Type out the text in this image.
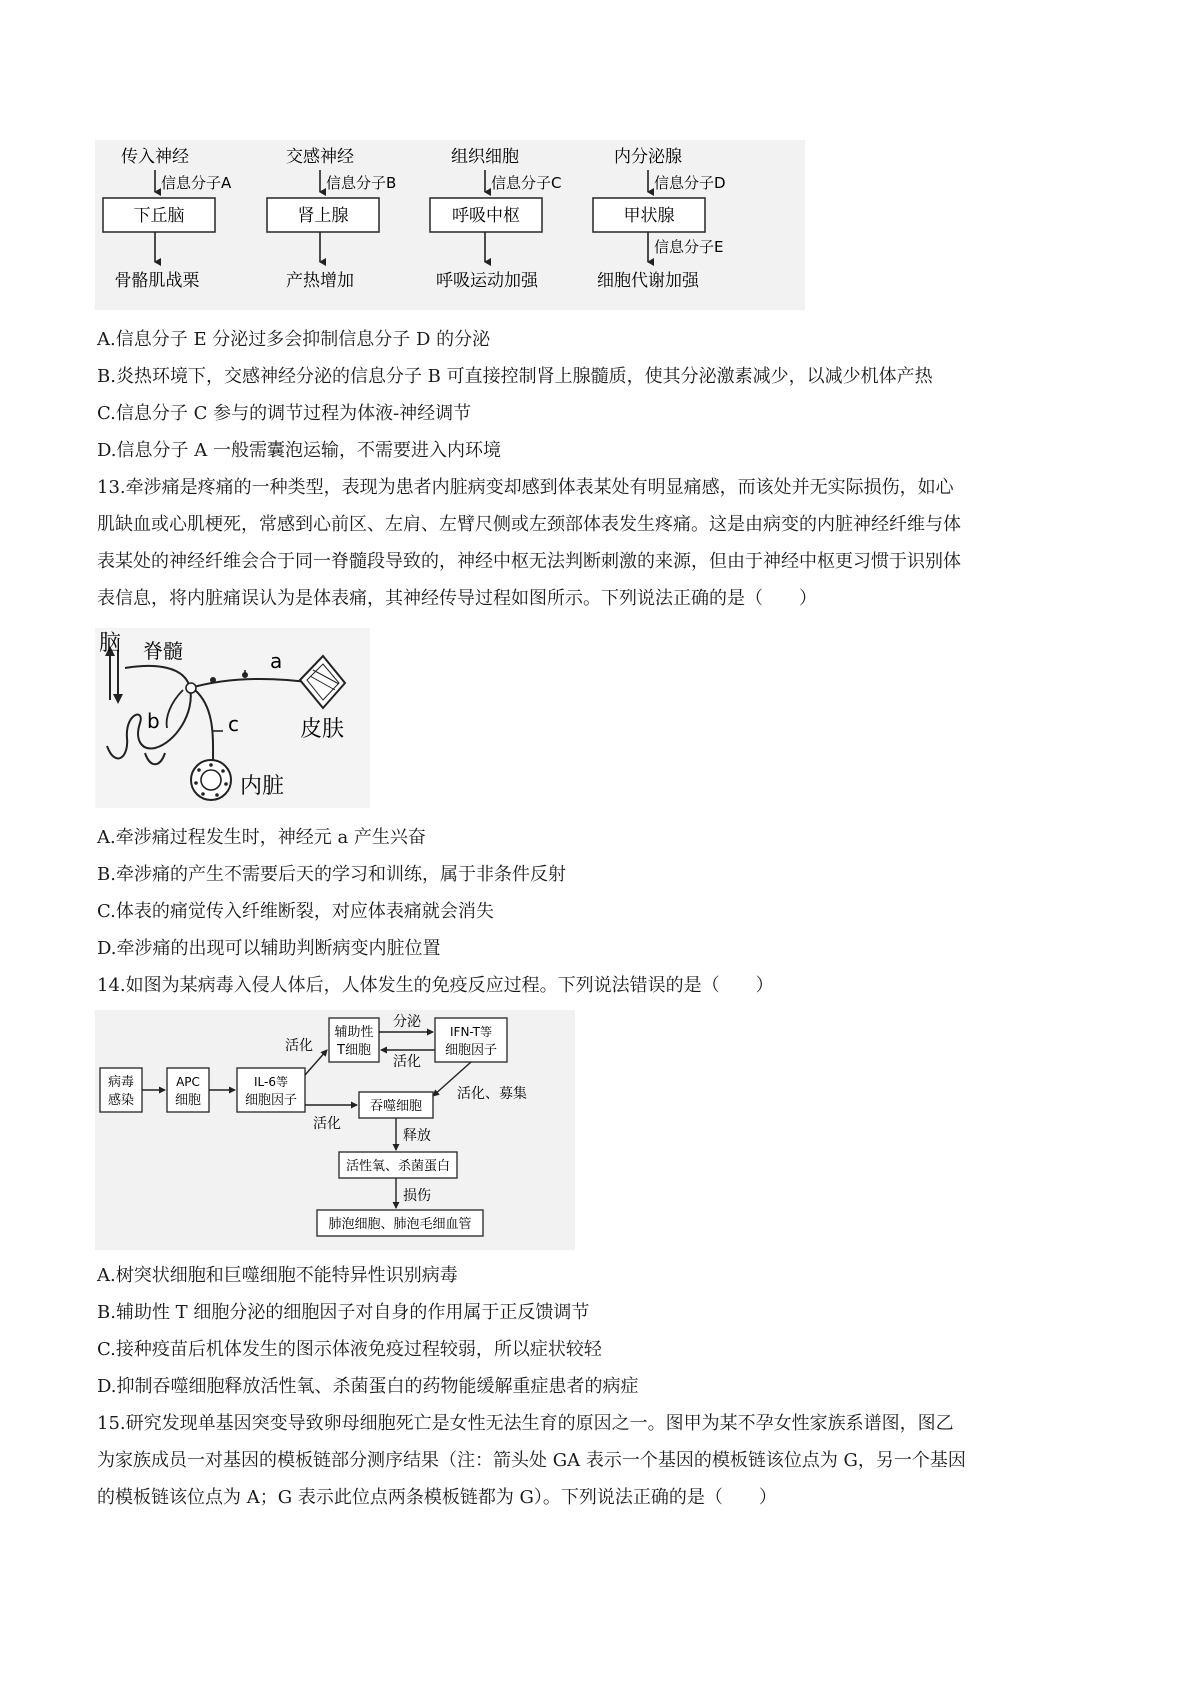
传入神经
信息分子A
下丘脑
骨骼肌战栗
交感神经
信息分子B
肾上腺
产热增加
组织细胞
信息分子C
呼吸中枢
呼吸运动加强
内分泌腺
信息分子D
甲状腺
信息分子E
细胞代谢加强
A.信息分子 E 分泌过多会抑制信息分子 D 的分泌
B.炎热环境下，交感神经分泌的信息分子 B 可直接控制肾上腺髓质，使其分泌激素减少，以减少机体产热
C.信息分子 C 参与的调节过程为体液-神经调节
D.信息分子 A 一般需囊泡运输，不需要进入内环境
13.牵涉痛是疼痛的一种类型，表现为患者内脏病变却感到体表某处有明显痛感，而该处并无实际损伤，如心
肌缺血或心肌梗死，常感到心前区、左肩、左臂尺侧或左颈部体表发生疼痛。这是由病变的内脏神经纤维与体
表某处的神经纤维会合于同一脊髓段导致的，神经中枢无法判断刺激的来源，但由于神经中枢更习惯于识别体
表信息，将内脏痛误认为是体表痛，其神经传导过程如图所示。下列说法正确的是（　　）
脑 脊髓	a
皮肤
b	c
内脏
A.牵涉痛过程发生时，神经元 a 产生兴奋
B.牵涉痛的产生不需要后天的学习和训练，属于非条件反射
C.体表的痛觉传入纤维断裂，对应体表痛就会消失
D.牵涉痛的出现可以辅助判断病变内脏位置
14.如图为某病毒入侵人体后，人体发生的免疫反应过程。下列说法错误的是（　　）
病毒
感染
APC
细胞
IL-6等
细胞因子
活化
辅助性
T细胞
分泌
活化
IFN-T等
细胞因子
活化
活化、募集
吞噬细胞
释放
活性氧、杀菌蛋白
损伤
肺泡细胞、肺泡毛细血管
A.树突状细胞和巨噬细胞不能特异性识别病毒
B.辅助性 T 细胞分泌的细胞因子对自身的作用属于正反馈调节
C.接种疫苗后机体发生的图示体液免疫过程较弱，所以症状较轻
D.抑制吞噬细胞释放活性氧、杀菌蛋白的药物能缓解重症患者的病症
15.研究发现单基因突变导致卵母细胞死亡是女性无法生育的原因之一。图甲为某不孕女性家族系谱图，图乙
为家族成员一对基因的模板链部分测序结果（注：箭头处 GA 表示一个基因的模板链该位点为 G，另一个基因
的模板链该位点为 A；G 表示此位点两条模板链都为 G）。下列说法正确的是（　　）
